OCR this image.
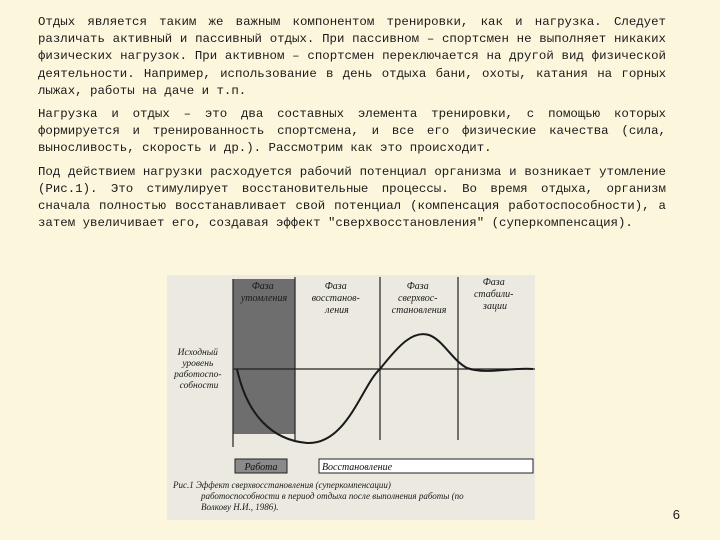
Отдых является таким же важным компонентом тренировки, как и нагрузка. Следует различать активный и пассивный отдых. При пассивном – спортсмен не выполняет никаких физических нагрузок. При активном – спортсмен переключается на другой вид физической деятельности. Например, использование в день отдыха бани, охоты, катания на горных лыжах, работы на даче и т.п.

Нагрузка и отдых – это два составных элемента тренировки, с помощью которых формируется и тренированность спортсмена, и все его физические качества (сила, выносливость, скорость и др.). Рассмотрим как это происходит.

Под действием нагрузки расходуется рабочий потенциал организма и возникает утомление (Рис.1). Это стимулирует восстановительные процессы. Во время отдыха, организм сначала полностью восстанавливает свой потенциал (компенсация работоспособности), а затем увеличивает его, создавая эффект "сверхвосстановления" (суперкомпенсация).

Фаза утомления
Фаза восстанов- ления
Фаза сверхвос- становления
Фаза стабили- зации
Исходный уровень работоспо- собности
Работа	Восстановление
Рис.1 Эффект сверхвосстановления (суперкомпенсации) работоспособности в период отдыха после выполнения работы (по Волкову Н.И., 1986).	6
